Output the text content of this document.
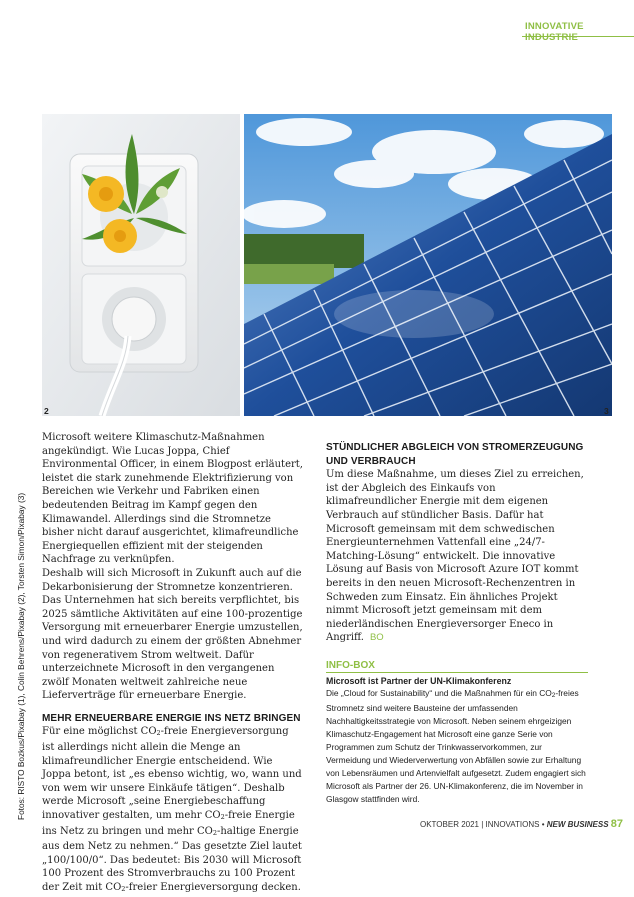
INNOVATIVE INDUSTRIE
2	3
Fotos: RISTO Bozkus/Pixabay (1), Colin Behrens/Pixabay (2), Torsten Simon/Pixabay (3)

Microsoft weitere Klimaschutz-Maßnahmen angekündigt. Wie Lucas Joppa, Chief Environmental Officer, in einem Blogpost erläutert, leistet die stark zunehmende Elektrifizierung von Bereichen wie Verkehr und Fabriken einen bedeutenden Beitrag im Kampf gegen den Klimawandel. Allerdings sind die Stromnetze bisher nicht darauf ausgerichtet, klimafreundliche Energiequellen effizient mit der steigenden Nachfrage zu verknüpfen.

Deshalb will sich Microsoft in Zukunft auch auf die Dekarbonisierung der Stromnetze konzentrieren. Das Unternehmen hat sich bereits verpflichtet, bis 2025 sämtliche Aktivitäten auf eine 100-prozentige Versorgung mit erneuerbarer Energie umzustellen, und wird dadurch zu einem der größten Abnehmer von regenerativem Strom weltweit. Dafür unterzeichnete Microsoft in den vergangenen zwölf Monaten weltweit zahlreiche neue Lieferverträge für erneuerbare Energie.

MEHR ERNEUERBARE ENERGIE INS NETZ BRINGEN

Für eine möglichst CO2-freie Energieversorgung ist allerdings nicht allein die Menge an klimafreundlicher Energie entscheidend. Wie Joppa betont, ist „es ebenso wichtig, wo, wann und von wem wir unsere Einkäufe tätigen“. Deshalb werde Microsoft „seine Energiebeschaffung innovativer gestalten, um mehr CO2-freie Energie ins Netz zu bringen und mehr CO2-haltige Energie aus dem Netz zu nehmen.“ Das gesetzte Ziel lautet „100/100/0“. Das bedeutet: Bis 2030 will Microsoft 100 Prozent des Stromverbrauchs zu 100 Prozent der Zeit mit CO2-freier Energieversorgung decken.

STÜNDLICHER ABGLEICH VON STROMERZEUGUNG UND VERBRAUCH

Um diese Maßnahme, um dieses Ziel zu erreichen, ist der Abgleich des Einkaufs von klimafreundlicher Energie mit dem eigenen Verbrauch auf stündlicher Basis. Dafür hat Microsoft gemeinsam mit dem schwedischen Energieunternehmen Vattenfall eine „24/7-Matching-Lösung“ entwickelt. Die innovative Lösung auf Basis von Microsoft Azure IOT kommt bereits in den neuen Microsoft-Rechenzentren in Schweden zum Einsatz. Ein ähnliches Projekt nimmt Microsoft jetzt gemeinsam mit dem niederländischen Energieversorger Eneco in Angriff. BO

INFO-BOX
Microsoft ist Partner der UN-Klimakonferenz
Die „Cloud for Sustainability“ und die Maßnahmen für ein CO2-freies Stromnetz sind weitere Bausteine der umfassenden Nachhaltigkeitsstrategie von Microsoft. Neben seinem ehrgeizigen Klimaschutz-Engagement hat Microsoft eine ganze Serie von Programmen zum Schutz der Trinkwasservorkommen, zur Vermeidung und Wiederverwertung von Abfällen sowie zur Erhaltung von Lebensräumen und Artenvielfalt aufgesetzt. Zudem engagiert sich Microsoft als Partner der 26. UN-Klimakonferenz, die im November in Glasgow stattfinden wird.
OKTOBER 2021 | INNOVATIONS • NEW BUSINESS 87
